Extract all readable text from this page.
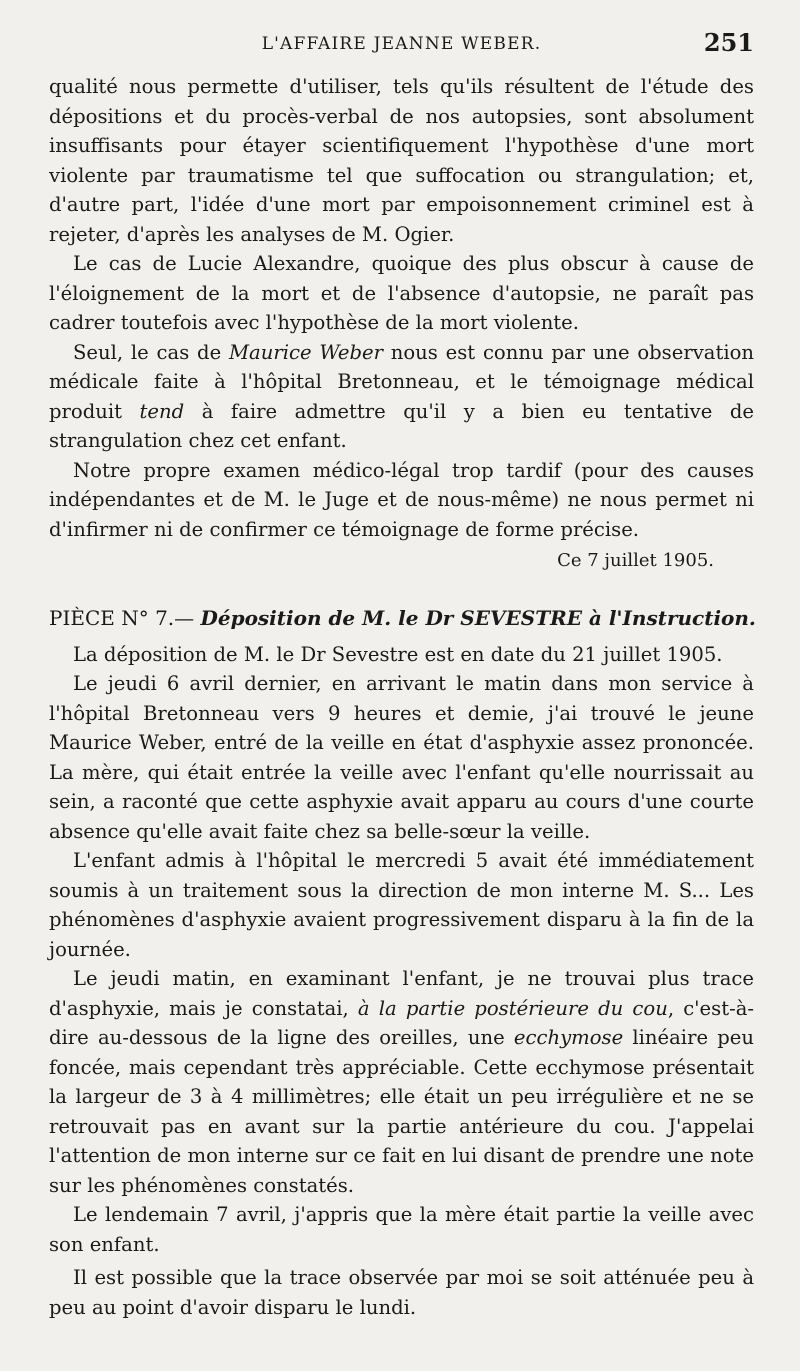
L'AFFAIRE JEANNE WEBER.	251

qualité nous permette d'utiliser, tels qu'ils résultent de l'étude des dépositions et du procès-verbal de nos autopsies, sont absolument insuffisants pour étayer scientifiquement l'hypothèse d'une mort violente par traumatisme tel que suffocation ou strangulation; et, d'autre part, l'idée d'une mort par empoisonnement criminel est à rejeter, d'après les analyses de M. Ogier.

Le cas de Lucie Alexandre, quoique des plus obscur à cause de l'éloignement de la mort et de l'absence d'autopsie, ne paraît pas cadrer toutefois avec l'hypothèse de la mort violente.

Seul, le cas de Maurice Weber nous est connu par une observation médicale faite à l'hôpital Bretonneau, et le témoignage médical produit tend à faire admettre qu'il y a bien eu tentative de strangulation chez cet enfant.

Notre propre examen médico-légal trop tardif (pour des causes indépendantes et de M. le Juge et de nous-même) ne nous permet ni d'infirmer ni de confirmer ce témoignage de forme précise.

Ce 7 juillet 1905.
PIÈCE N° 7.— Déposition de M. le Dr SEVESTRE à l'Instruction.

La déposition de M. le Dr Sevestre est en date du 21 juillet 1905.

Le jeudi 6 avril dernier, en arrivant le matin dans mon service à l'hôpital Bretonneau vers 9 heures et demie, j'ai trouvé le jeune Maurice Weber, entré de la veille en état d'asphyxie assez prononcée. La mère, qui était entrée la veille avec l'enfant qu'elle nourrissait au sein, a raconté que cette asphyxie avait apparu au cours d'une courte absence qu'elle avait faite chez sa belle-sœur la veille.

L'enfant admis à l'hôpital le mercredi 5 avait été immédiatement soumis à un traitement sous la direction de mon interne M. S... Les phénomènes d'asphyxie avaient progressivement disparu à la fin de la journée.

Le jeudi matin, en examinant l'enfant, je ne trouvai plus trace d'asphyxie, mais je constatai, à la partie postérieure du cou, c'est-à-dire au-dessous de la ligne des oreilles, une ecchymose linéaire peu foncée, mais cependant très appréciable. Cette ecchymose présentait la largeur de 3 à 4 millimètres; elle était un peu irrégulière et ne se retrouvait pas en avant sur la partie antérieure du cou. J'appelai l'attention de mon interne sur ce fait en lui disant de prendre une note sur les phénomènes constatés.

Le lendemain 7 avril, j'appris que la mère était partie la veille avec son enfant.

Il est possible que la trace observée par moi se soit atténuée peu à peu au point d'avoir disparu le lundi.
